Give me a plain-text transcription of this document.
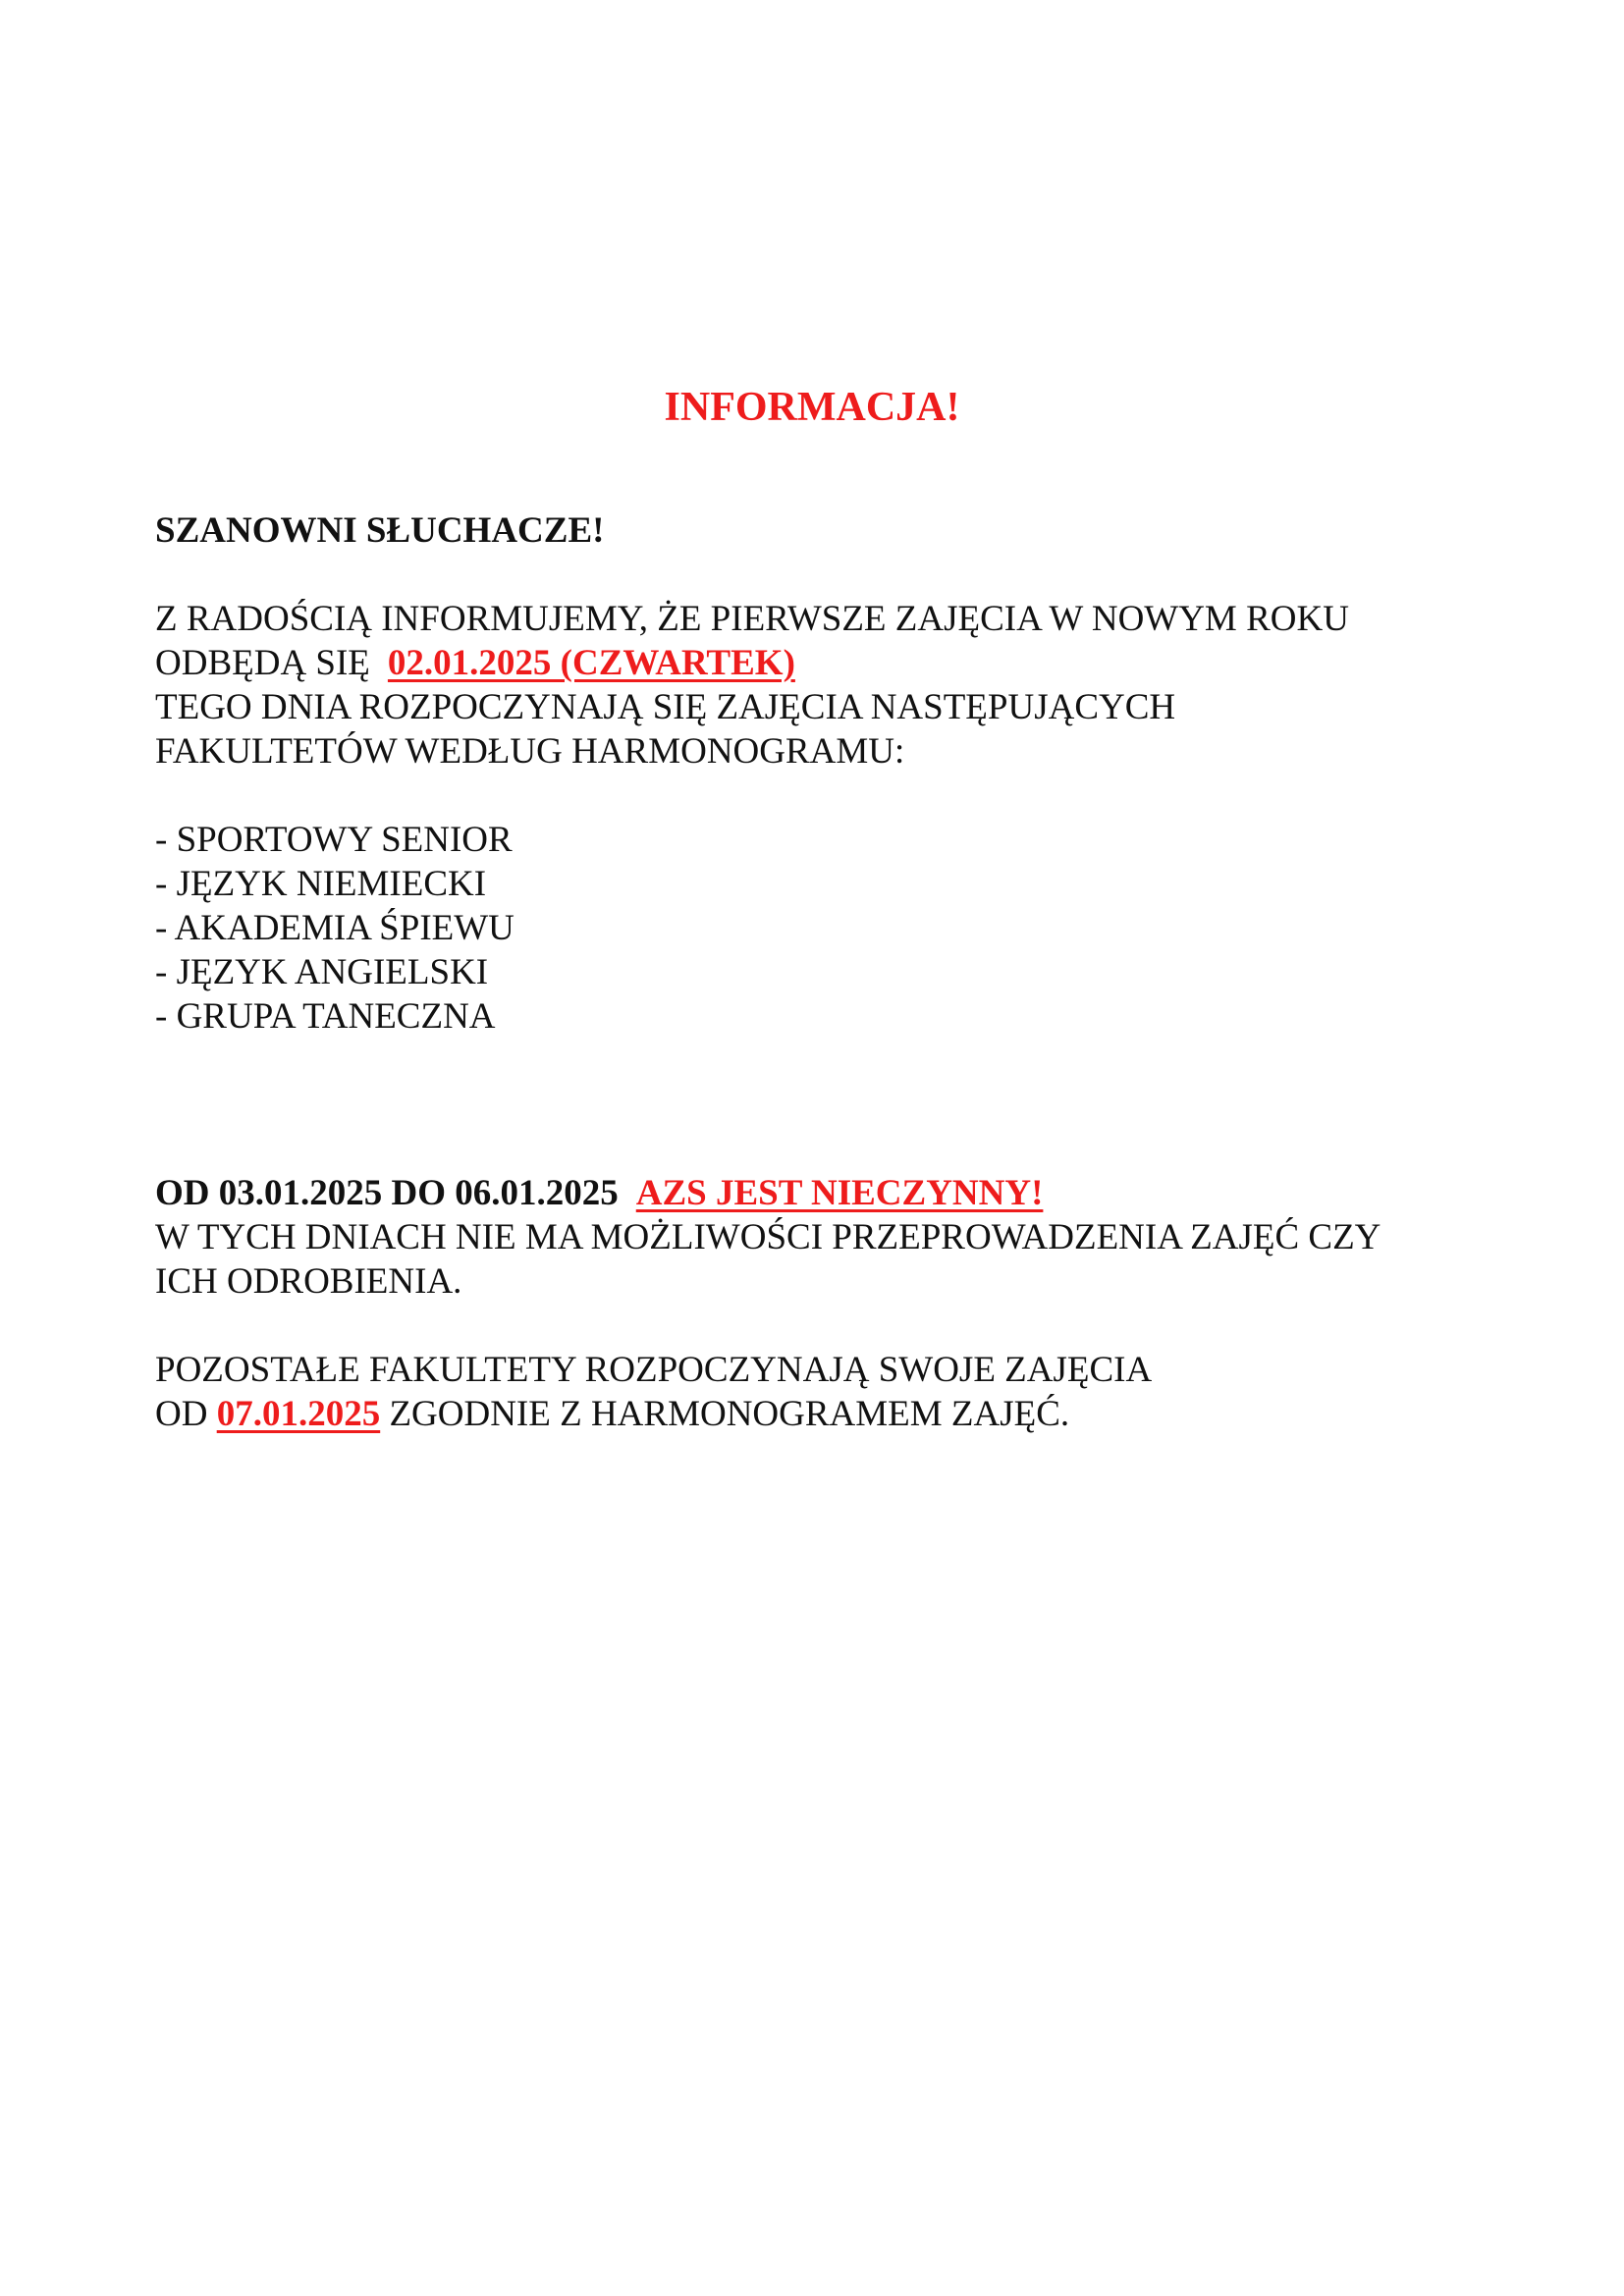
INFORMACJA!
SZANOWNI SŁUCHACZE!
Z RADOŚCIĄ INFORMUJEMY, ŻE PIERWSZE ZAJĘCIA W NOWYM ROKU
ODBĘDĄ SIĘ 02.01.2025 (CZWARTEK)
TEGO DNIA ROZPOCZYNAJĄ SIĘ ZAJĘCIA NASTĘPUJĄCYCH
FAKULTETÓW WEDŁUG HARMONOGRAMU:
- SPORTOWY SENIOR
- JĘZYK NIEMIECKI
- AKADEMIA ŚPIEWU
- JĘZYK ANGIELSKI
- GRUPA TANECZNA
OD 03.01.2025 DO 06.01.2025 AZS JEST NIECZYNNY!
W TYCH DNIACH NIE MA MOŻLIWOŚCI PRZEPROWADZENIA ZAJĘĆ CZY
ICH ODROBIENIA.
POZOSTAŁE FAKULTETY ROZPOCZYNAJĄ SWOJE ZAJĘCIA
OD 07.01.2025 ZGODNIE Z HARMONOGRAMEM ZAJĘĆ.
